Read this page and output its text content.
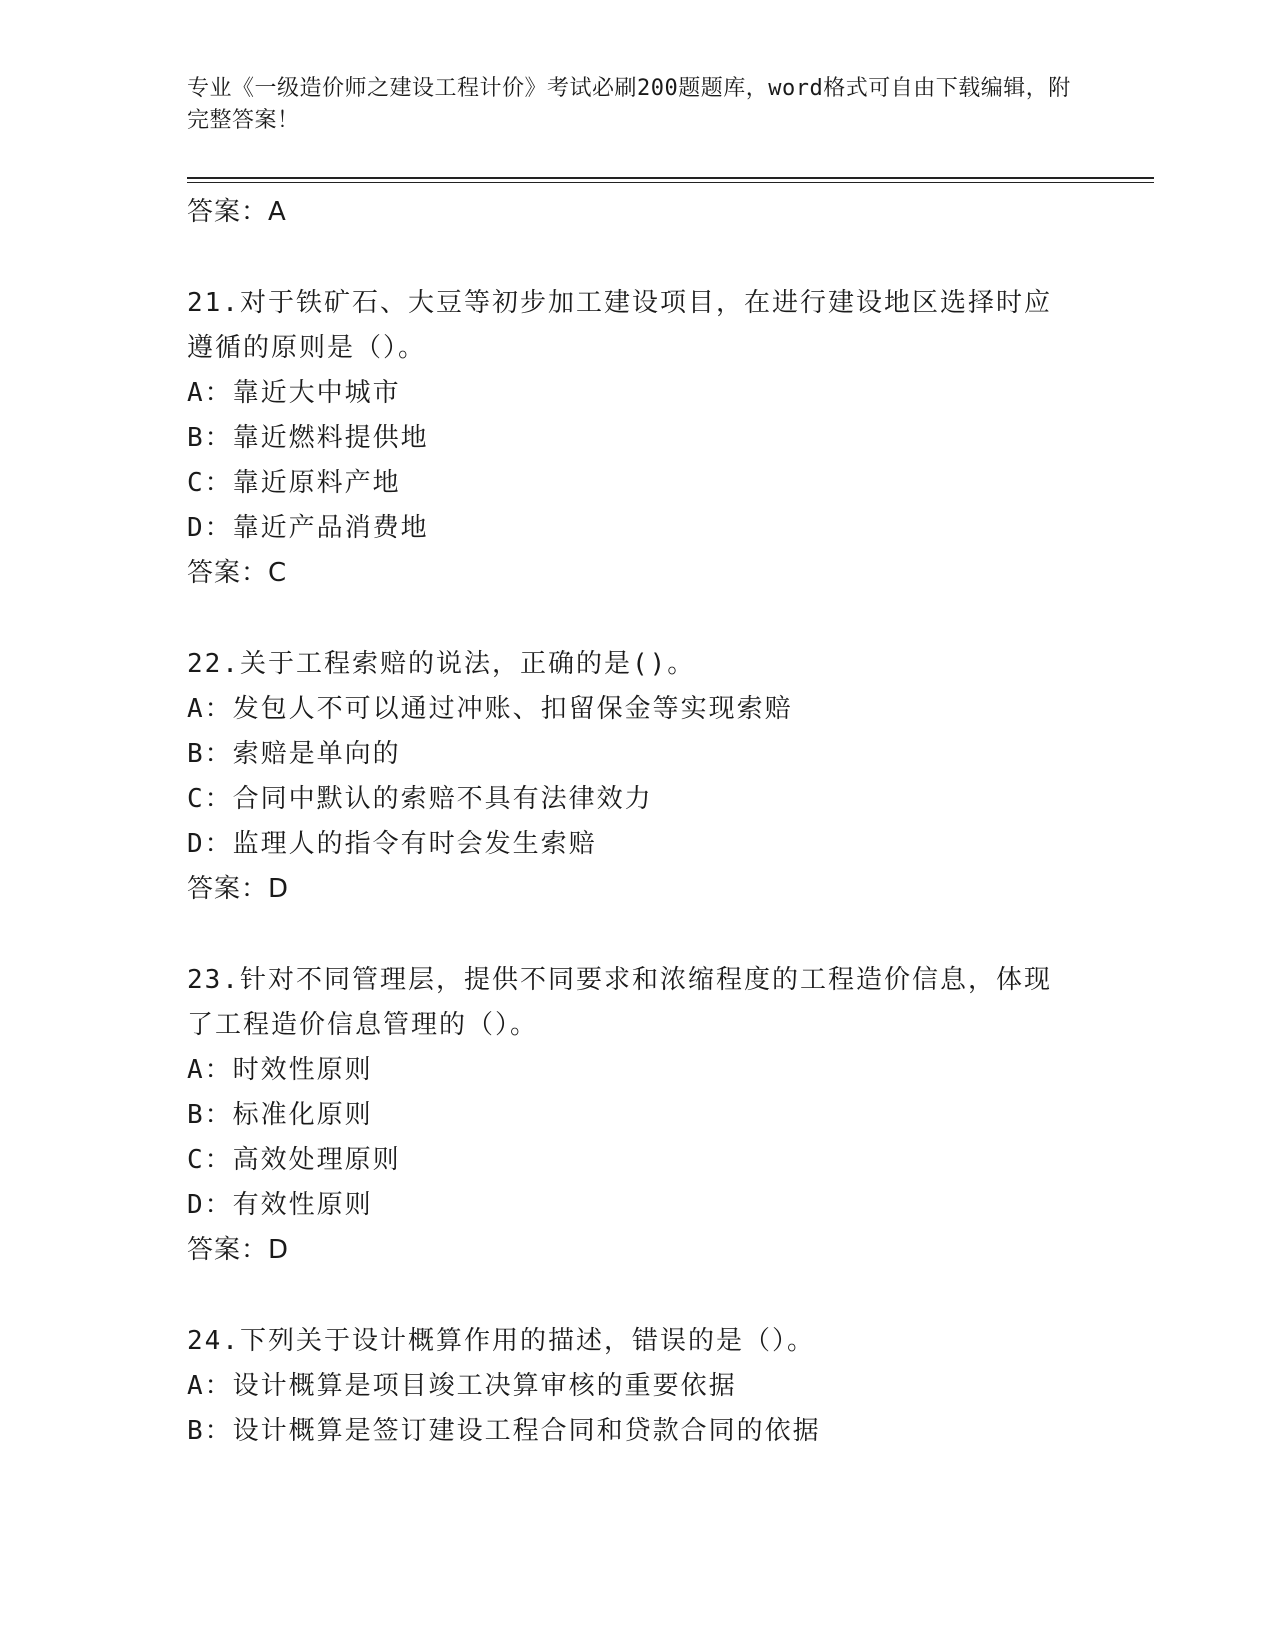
专业《一级造价师之建设工程计价》考试必刷200题题库，word格式可自由下载编辑，附完整答案！
答案：A
21.对于铁矿石、大豆等初步加工建设项目，在进行建设地区选择时应
遵循的原则是（）。
A：靠近大中城市
B：靠近燃料提供地
C：靠近原料产地
D：靠近产品消费地
答案：C
22.关于工程索赔的说法，正确的是()。
A：发包人不可以通过冲账、扣留保金等实现索赔
B：索赔是单向的
C：合同中默认的索赔不具有法律效力
D：监理人的指令有时会发生索赔
答案：D
23.针对不同管理层，提供不同要求和浓缩程度的工程造价信息，体现
了工程造价信息管理的（）。
A：时效性原则
B：标准化原则
C：高效处理原则
D：有效性原则
答案：D
24.下列关于设计概算作用的描述，错误的是（）。
A：设计概算是项目竣工决算审核的重要依据
B：设计概算是签订建设工程合同和贷款合同的依据
